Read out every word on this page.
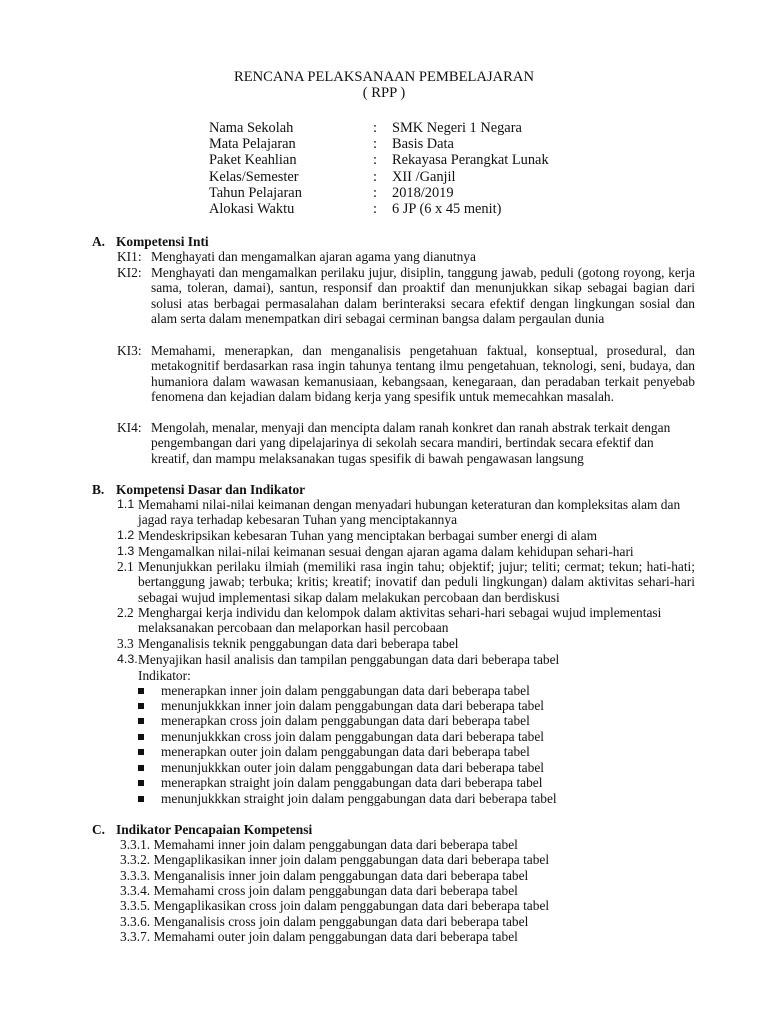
RENCANA PELAKSANAAN PEMBELAJARAN
( RPP )
Nama Sekolah	:	SMK Negeri 1 Negara
Mata Pelajaran	:	Basis Data
Paket Keahlian	:	Rekayasa Perangkat Lunak
Kelas/Semester	:	XII /Ganjil
Tahun Pelajaran	:	2018/2019
Alokasi Waktu	:	6 JP (6 x 45 menit)
A. Kompetensi Inti
KI1: Menghayati dan mengamalkan ajaran agama yang dianutnya
KI2: Menghayati dan mengamalkan perilaku jujur, disiplin, tanggung jawab, peduli (gotong royong, kerja sama, toleran, damai), santun, responsif dan proaktif dan menunjukkan sikap sebagai bagian dari solusi atas berbagai permasalahan dalam berinteraksi secara efektif dengan lingkungan sosial dan alam serta dalam menempatkan diri sebagai cerminan bangsa dalam pergaulan dunia
KI3: Memahami, menerapkan, dan menganalisis pengetahuan faktual, konseptual, prosedural, dan metakognitif berdasarkan rasa ingin tahunya tentang ilmu pengetahuan, teknologi, seni, budaya, dan humaniora dalam wawasan kemanusiaan, kebangsaan, kenegaraan, dan peradaban terkait penyebab fenomena dan kejadian dalam bidang kerja yang spesifik untuk memecahkan masalah.
KI4: Mengolah, menalar, menyaji dan mencipta dalam ranah konkret dan ranah abstrak terkait dengan pengembangan dari yang dipelajarinya di sekolah secara mandiri, bertindak secara efektif dan kreatif, dan mampu melaksanakan tugas spesifik di bawah pengawasan langsung
B. Kompetensi Dasar dan Indikator
1.1 Memahami nilai-nilai keimanan dengan menyadari hubungan keteraturan dan kompleksitas alam dan jagad raya terhadap kebesaran Tuhan yang menciptakannya
1.2 Mendeskripsikan kebesaran Tuhan yang menciptakan berbagai sumber energi di alam
1.3 Mengamalkan nilai-nilai keimanan sesuai dengan ajaran agama dalam kehidupan sehari-hari
2.1 Menunjukkan perilaku ilmiah (memiliki rasa ingin tahu; objektif; jujur; teliti; cermat; tekun; hati-hati; bertanggung jawab; terbuka; kritis; kreatif; inovatif dan peduli lingkungan) dalam aktivitas sehari-hari sebagai wujud implementasi sikap dalam melakukan percobaan dan berdiskusi
2.2 Menghargai kerja individu dan kelompok dalam aktivitas sehari-hari sebagai wujud implementasi melaksanakan percobaan dan melaporkan hasil percobaan
3.3 Menganalisis teknik penggabungan data dari beberapa tabel
4.3. Menyajikan hasil analisis dan tampilan penggabungan data dari beberapa tabel
Indikator:
menerapkan inner join dalam penggabungan data dari beberapa tabel
menunjukkkan inner join dalam penggabungan data dari beberapa tabel
menerapkan cross join dalam penggabungan data dari beberapa tabel
menunjukkkan cross join dalam penggabungan data dari beberapa tabel
menerapkan outer join dalam penggabungan data dari beberapa tabel
menunjukkkan outer join dalam penggabungan data dari beberapa tabel
menerapkan straight join dalam penggabungan data dari beberapa tabel
menunjukkkan straight join dalam penggabungan data dari beberapa tabel
C. Indikator Pencapaian Kompetensi
3.3.1. Memahami inner join dalam penggabungan data dari beberapa tabel
3.3.2. Mengaplikasikan inner join dalam penggabungan data dari beberapa tabel
3.3.3. Menganalisis inner join dalam penggabungan data dari beberapa tabel
3.3.4. Memahami cross join dalam penggabungan data dari beberapa tabel
3.3.5. Mengaplikasikan cross join dalam penggabungan data dari beberapa tabel
3.3.6. Menganalisis cross join dalam penggabungan data dari beberapa tabel
3.3.7. Memahami outer join dalam penggabungan data dari beberapa tabel
